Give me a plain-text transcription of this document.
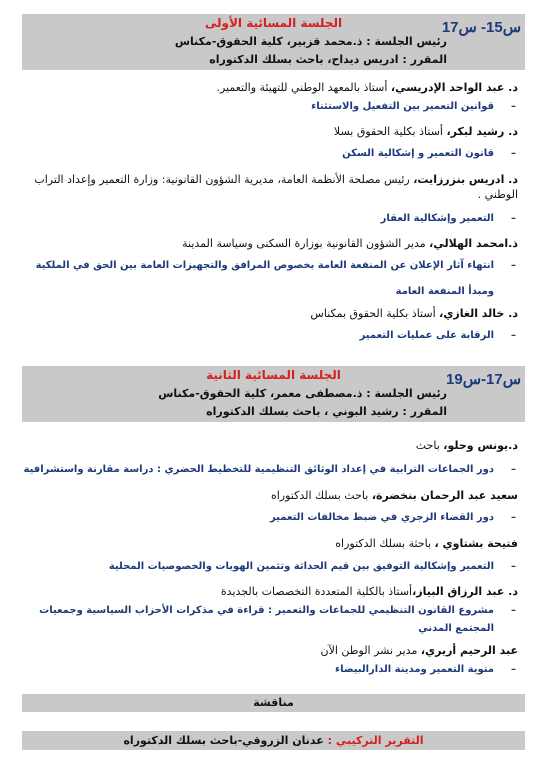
س15- س17
الجلسة المسائية الأولى
رئيس الجلسة : ذ.محمد قزبير، كلية الحقوق-مكناس
المقرر : ادريس ديداح، باحث بسلك الدكتوراه
د. عبد الواحد الإدريسي، أستاذ بالمعهد الوطني للتهيئة والتعمير.
–قوانين التعمير بين التفعيل والاستثناء
د. رشيد لبكر، أستاذ بكلية الحقوق بسلا
–قانون التعمير و إشكالية السكن
د. ادريس بنزرزايت، رئيس مصلحة الأنظمة العامة، مديرية الشؤون القانونية: وزارة التعمير وإعداد التراب الوطني .
–التعمير وإشكالية العقار
ذ.امحمد الهلالي، مدير الشؤون القانونية بوزارة السكنى وسياسة المدينة
–انتهاء آثار الإعلان عن المنفعة العامة بخصوص المرافق والتجهيزات العامة بين الحق في الملكية
ومبدأ المنفعة العامة
د. خالد الغازي، أستاذ بكلية الحقوق بمكناس
–الرقابة على عمليات التعمير
س17-س19
الجلسة المسائية الثانية
رئيس الجلسة : ذ.مصطفى معمر، كلية الحقوق-مكناس
المقرر : رشيد البوني ، باحث بسلك الدكتوراه
د.يونس وحلو، باحث
–دور الجماعات الترابية في إعداد الوثائق التنظيمية للتخطيط الحضري : دراسة مقارنة واستشرافية
سعيد عبد الرحمان بنخضرة، باحث بسلك الدكتوراه
–دور القضاء الزجري في ضبط مخالفات التعمير
فتيحة بشتاوي ، باحثة بسلك الدكتوراه
–التعمير وإشكالية التوفيق بين قيم الحداثة وتثمين الهويات والخصوصيات المحلية
د. عبد الرزاق البياز،أستاذ بالكلية المتعددة التخصصات بالجديدة
–مشروع القانون التنظيمي للجماعات والتعمير : قراءة في مذكرات الأحزاب السياسية وجمعيات
المجتمع المدني
عبد الرحيم أريري، مدير نشر الوطن الآن
–متوية التعمير ومدينة الدارالبيضاء
مناقشة
التقرير التركيبي : عدنان الزروقي-باحث بسلك الدكتوراه
